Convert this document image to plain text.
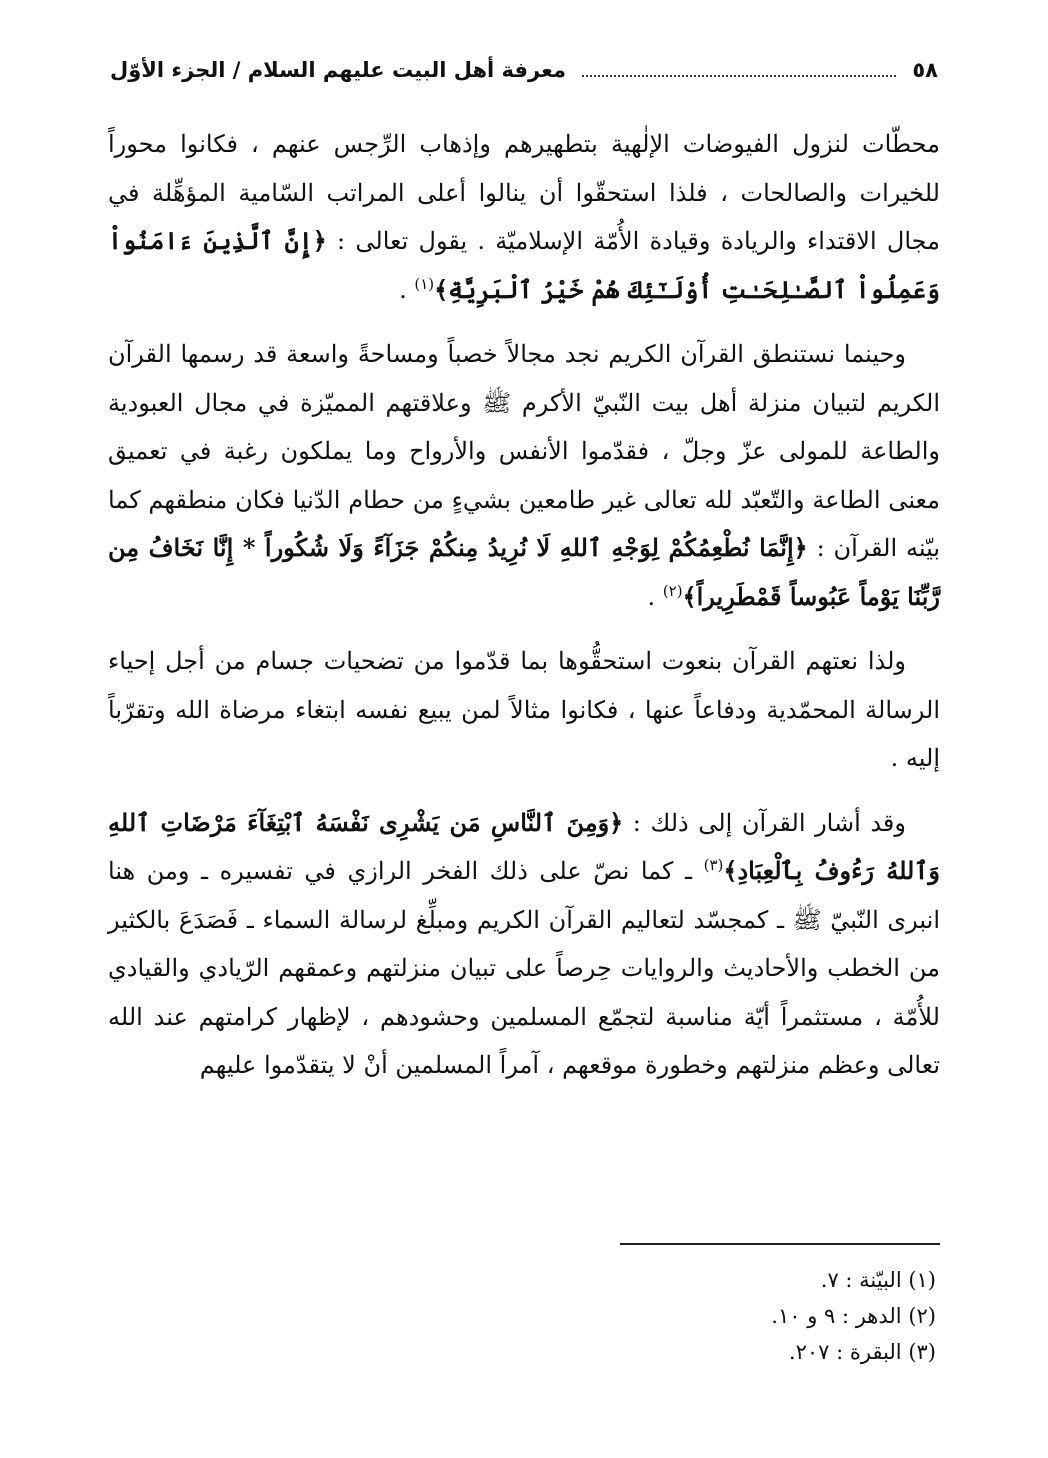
٥٨
معرفة أهل البيت عليهم السلام / الجزء الأوّل

محطّات لنزول الفيوضات الإلٰهية بتطهيرهم وإذهاب الرِّجس عنهم ، فكانوا محوراً للخيرات والصالحات ، فلذا استحقّوا أن ينالوا أعلى المراتب السّامية المؤهِّلة في مجال الاقتداء والريادة وقيادة الأُمّة الإسلاميّة . يقول تعالى : ﴿إِنَّ ٱلَّذِينَ ءَامَنُواْ وَعَمِلُواْ ٱلصَّـٰلِحَـٰتِ أُوْلَـٰٓئِكَ هُمْ خَيْرُ ٱلْبَرِيَّةِ﴾$^{(١)}$ .

وحينما نستنطق القرآن الكريم نجد مجالاً خصباً ومساحةً واسعة قد رسمها القرآن الكريم لتبيان منزلة أهل بيت النّبيّ الأكرم ﷺ وعلاقتهم المميّزة في مجال العبودية والطاعة للمولى عزّ وجلّ ، فقدّموا الأنفس والأرواح وما يملكون رغبة في تعميق معنى الطاعة والتّعبّد لله تعالى غير طامعين بشيءٍ من حطام الدّنيا فكان منطقهم كما بيّنه القرآن : ﴿إِنَّمَا نُطْعِمُكُمْ لِوَجْهِ ٱللهِ لَا نُرِيدُ مِنكُمْ جَزَآءً وَلَا شُكُوراً * إِنَّا نَخَافُ مِن رَّبِّنَا يَوْماً عَبُوساً قَمْطَرِيراً﴾$^{(٢)}$ .

ولذا نعتهم القرآن بنعوت استحقُّوها بما قدّموا من تضحيات جسام من أجل إحياء الرسالة المحمّدية ودفاعاً عنها ، فكانوا مثالاً لمن يبيع نفسه ابتغاء مرضاة الله وتقرّباً إليه .

وقد أشار القرآن إلى ذلك : ﴿وَمِنَ ٱلنَّاسِ مَن يَشْرِى نَفْسَهُ ٱبْتِغَآءَ مَرْضَاتِ ٱللهِ وَٱللهُ رَءُوفُ بِٱلْعِبَادِ﴾$^{(٣)}$ ـ كما نصّ على ذلك الفخر الرازي في تفسيره ـ ومن هنا انبرى النّبيّ ﷺ ـ كمجسّد لتعاليم القرآن الكريم ومبلِّغ لرسالة السماء ـ فَصَدَعَ بالكثير من الخطب والأحاديث والروايات حِرصاً على تبيان منزلتهم وعمقهم الرّيادي والقيادي للأُمّة ، مستثمراً أيّة مناسبة لتجمّع المسلمين وحشودهم ، لإظهار كرامتهم عند الله تعالى وعظم منزلتهم وخطورة موقعهم ، آمراً المسلمين أنْ لا يتقدّموا عليهم

(١) البيّنة : ٧.

(٢) الدهر : ٩ و ١٠.

(٣) البقرة : ٢٠٧.
